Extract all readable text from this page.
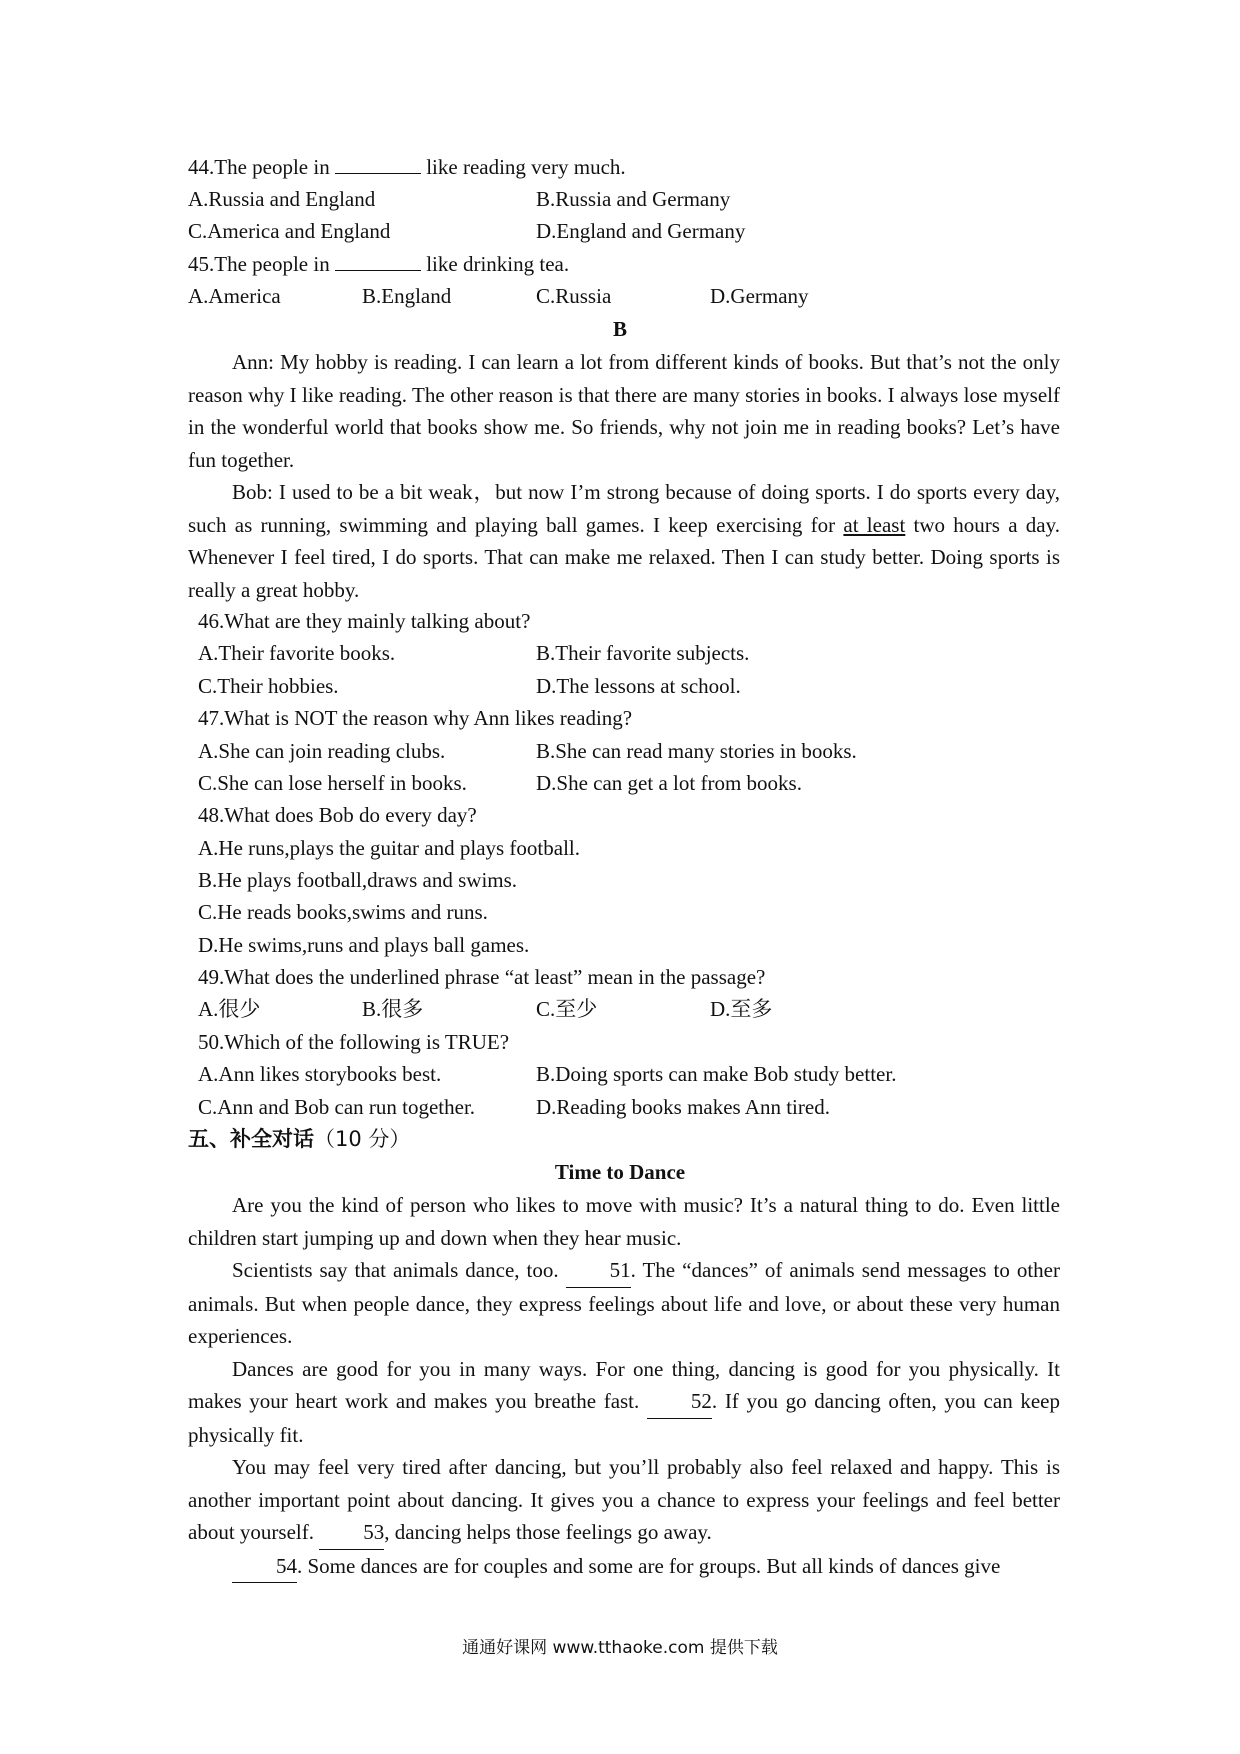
44.The people in	like reading very much.
A.Russia and England	B.Russia and Germany
C.America and England	D.England and Germany
45.The people in	like drinking tea.
A.America	B.England	C.Russia	D.Germany
B

Ann: My hobby is reading. I can learn a lot from different kinds of books. But that’s not the only reason why I like reading. The other reason is that there are many stories in books. I always lose myself in the wonderful world that books show me. So friends, why not join me in reading books? Let’s have fun together.

Bob: I used to be a bit weak，but now I’m strong because of doing sports. I do sports every day, such as running, swimming and playing ball games. I keep exercising for at least two hours a day. Whenever I feel tired, I do sports. That can make me relaxed. Then I can study better. Doing sports is really a great hobby.

46.What are they mainly talking about?
A.Their favorite books.	B.Their favorite subjects.
C.Their hobbies.	D.The lessons at school.
47.What is NOT the reason why Ann likes reading?
A.She can join reading clubs.	B.She can read many stories in books.
C.She can lose herself in books.	D.She can get a lot from books.
48.What does Bob do every day?
A.He runs,plays the guitar and plays football.
B.He plays football,draws and swims.
C.He reads books,swims and runs.
D.He swims,runs and plays ball games.
49.What does the underlined phrase “at least” mean in the passage?
A.很少	B.很多	C.至少	D.至多
50.Which of the following is TRUE?
A.Ann likes storybooks best.	B.Doing sports can make Bob study better.
C.Ann and Bob can run together.	D.Reading books makes Ann tired.
五、补全对话（10 分）
Time to Dance

Are you the kind of person who likes to move with music? It’s a natural thing to do. Even little children start jumping up and down when they hear music.

Scientists say that animals dance, too. 51. The “dances” of animals send messages to other animals. But when people dance, they express feelings about life and love, or about these very human experiences.

Dances are good for you in many ways. For one thing, dancing is good for you physically. It makes your heart work and makes you breathe fast. 52. If you go dancing often, you can keep physically fit.

You may feel very tired after dancing, but you’ll probably also feel relaxed and happy. This is another important point about dancing. It gives you a chance to express your feelings and feel better about yourself. 53, dancing helps those feelings go away.

54. Some dances are for couples and some are for groups. But all kinds of dances give

通通好课网 www.tthaoke.com 提供下载
